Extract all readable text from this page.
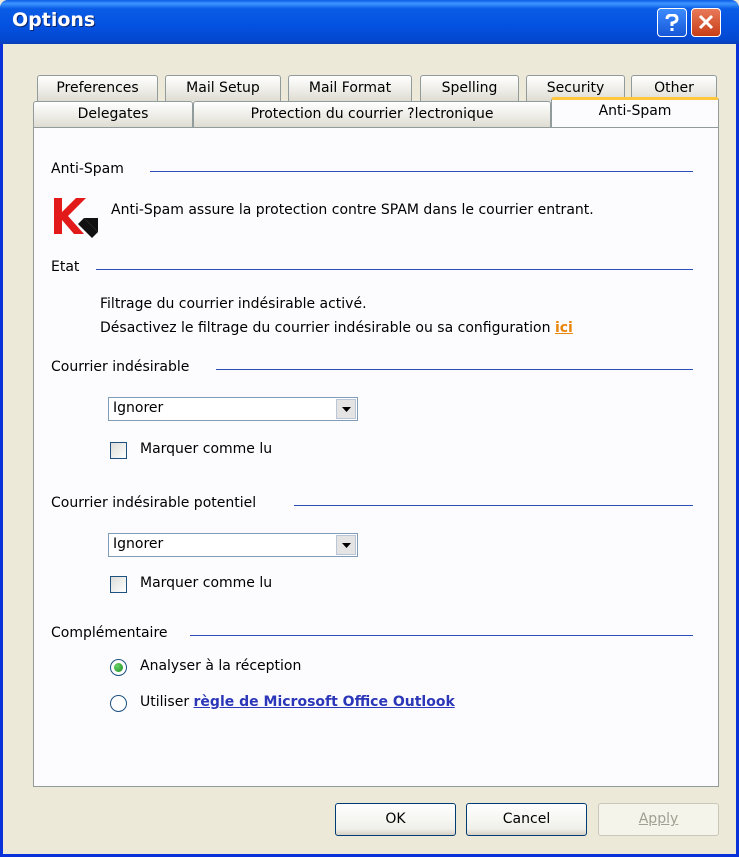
Options
Preferences	Mail Setup	Mail Format	Spelling	Security	Other
Delegates	Protection du courrier ?lectronique	Anti-Spam
Anti-Spam
Anti-Spam assure la protection contre SPAM dans le courrier entrant.
Etat
Filtrage du courrier indésirable activé.
Désactivez le filtrage du courrier indésirable ou sa configuration ici
Courrier indésirable
Ignorer
Marquer comme lu
Courrier indésirable potentiel
Ignorer
Marquer comme lu
Complémentaire
Analyser à la réception
Utiliser règle de Microsoft Office Outlook
OK	Cancel	Apply
